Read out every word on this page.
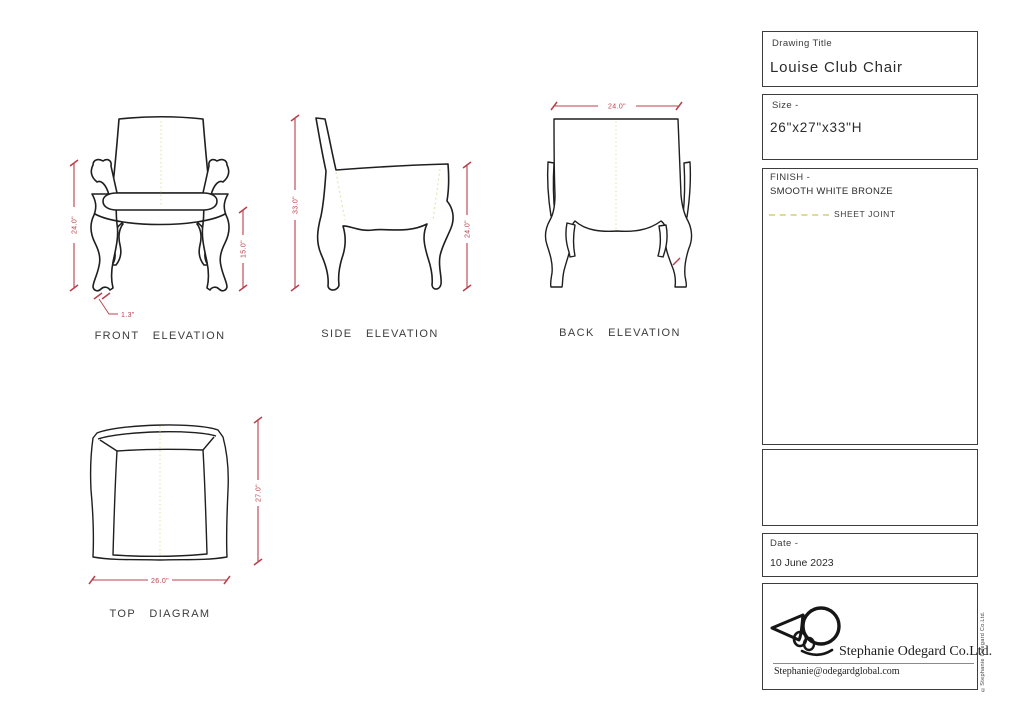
24.0"
15.0"
1.3"
FRONT ELEVATION
33.0"
24.0"
SIDE ELEVATION
24.0"
BACK ELEVATION
27.0"
26.0"
TOP DIAGRAM
Drawing Title
Louise Club Chair
Size -
26"x27"x33"H
FINISH -
SMOOTH WHITE BRONZE
SHEET JOINT
Date -
10 June 2023
Stephanie Odegard Co.Ltd.
Stephanie@odegardglobal.com	©Stephanie Odegard Co.Ltd.
